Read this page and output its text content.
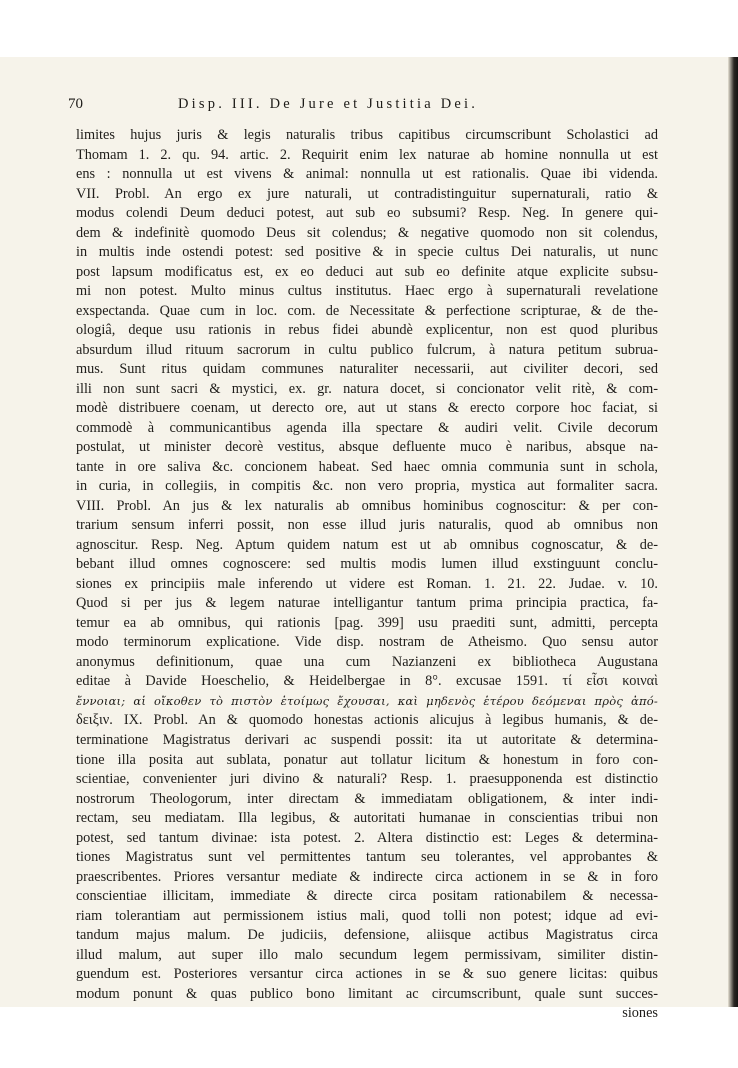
70	Disp. III. De Jure et Justitia Dei.
limites hujus juris & legis naturalis tribus capitibus circumscribunt Scholastici ad
Thomam 1. 2. qu. 94. artic. 2. Requirit enim lex naturae ab homine nonnulla ut est
ens : nonnulla ut est vivens & animal: nonnulla ut est rationalis. Quae ibi videnda.
VII. Probl. An ergo ex jure naturali, ut contradistinguitur supernaturali, ratio &
modus colendi Deum deduci potest, aut sub eo subsumi? Resp. Neg. In genere qui-
dem & indefinitè quomodo Deus sit colendus; & negative quomodo non sit colendus,
in multis inde ostendi potest: sed positive & in specie cultus Dei naturalis, ut nunc
post lapsum modificatus est, ex eo deduci aut sub eo definite atque explicite subsu-
mi non potest. Multo minus cultus institutus. Haec ergo à supernaturali revelatione
exspectanda. Quae cum in loc. com. de Necessitate & perfectione scripturae, & de the-
ologiâ, deque usu rationis in rebus fidei abundè explicentur, non est quod pluribus
absurdum illud rituum sacrorum in cultu publico fulcrum, à natura petitum subrua-
mus. Sunt ritus quidam communes naturaliter necessarii, aut civiliter decori, sed
illi non sunt sacri & mystici, ex. gr. natura docet, si concionator velit ritè, & com-
modè distribuere coenam, ut derecto ore, aut ut stans & erecto corpore hoc faciat, si
commodè à communicantibus agenda illa spectare & audiri velit. Civile decorum
postulat, ut minister decorè vestitus, absque defluente muco è naribus, absque na-
tante in ore saliva &c. concionem habeat. Sed haec omnia communia sunt in schola,
in curia, in collegiis, in compitis &c. non vero propria, mystica aut formaliter sacra.
VIII. Probl. An jus & lex naturalis ab omnibus hominibus cognoscitur: & per con-
trarium sensum inferri possit, non esse illud juris naturalis, quod ab omnibus non
agnoscitur. Resp. Neg. Aptum quidem natum est ut ab omnibus cognoscatur, & de-
bebant illud omnes cognoscere: sed multis modis lumen illud exstinguunt conclu-
siones ex principiis male inferendo ut videre est Roman. 1. 21. 22. Judae. v. 10.
Quod si per jus & legem naturae intelligantur tantum prima principia practica, fa-
temur ea ab omnibus, qui rationis [pag. 399] usu praediti sunt, admitti, percepta
modo terminorum explicatione. Vide disp. nostram de Atheismo. Quo sensu autor
anonymus definitionum, quae una cum Nazianzeni ex bibliotheca Augustana
editae à Davide Hoeschelio, & Heidelbergae in 8°. excusae 1591. τί εἶσι κοιναὶ
ἔννοιαι; αἱ οἴκοθεν τὸ πιστὸν ἑτοίμως ἔχουσαι, καὶ μηδενὸς ἑτέρου δεόμεναι πρὸς ἀπό-
δειξιν. IX. Probl. An & quomodo honestas actionis alicujus à legibus humanis, & de-
terminatione Magistratus derivari ac suspendi possit: ita ut autoritate & determina-
tione illa posita aut sublata, ponatur aut tollatur licitum & honestum in foro con-
scientiae, convenienter juri divino & naturali? Resp. 1. praesupponenda est distinctio
nostrorum Theologorum, inter directam & immediatam obligationem, & inter indi-
rectam, seu mediatam. Illa legibus, & autoritati humanae in conscientias tribui non
potest, sed tantum divinae: ista potest. 2. Altera distinctio est: Leges & determina-
tiones Magistratus sunt vel permittentes tantum seu tolerantes, vel approbantes &
praescribentes. Priores versantur mediate & indirecte circa actionem in se & in foro
conscientiae illicitam, immediate & directe circa positam rationabilem & necessa-
riam tolerantiam aut permissionem istius mali, quod tolli non potest; idque ad evi-
tandum majus malum. De judiciis, defensione, aliisque actibus Magistratus circa
illud malum, aut super illo malo secundum legem permissivam, similiter distin-
guendum est. Posteriores versantur circa actiones in se & suo genere licitas: quibus
modum ponunt & quas publico bono limitant ac circumscribunt, quale sunt succes-
siones
